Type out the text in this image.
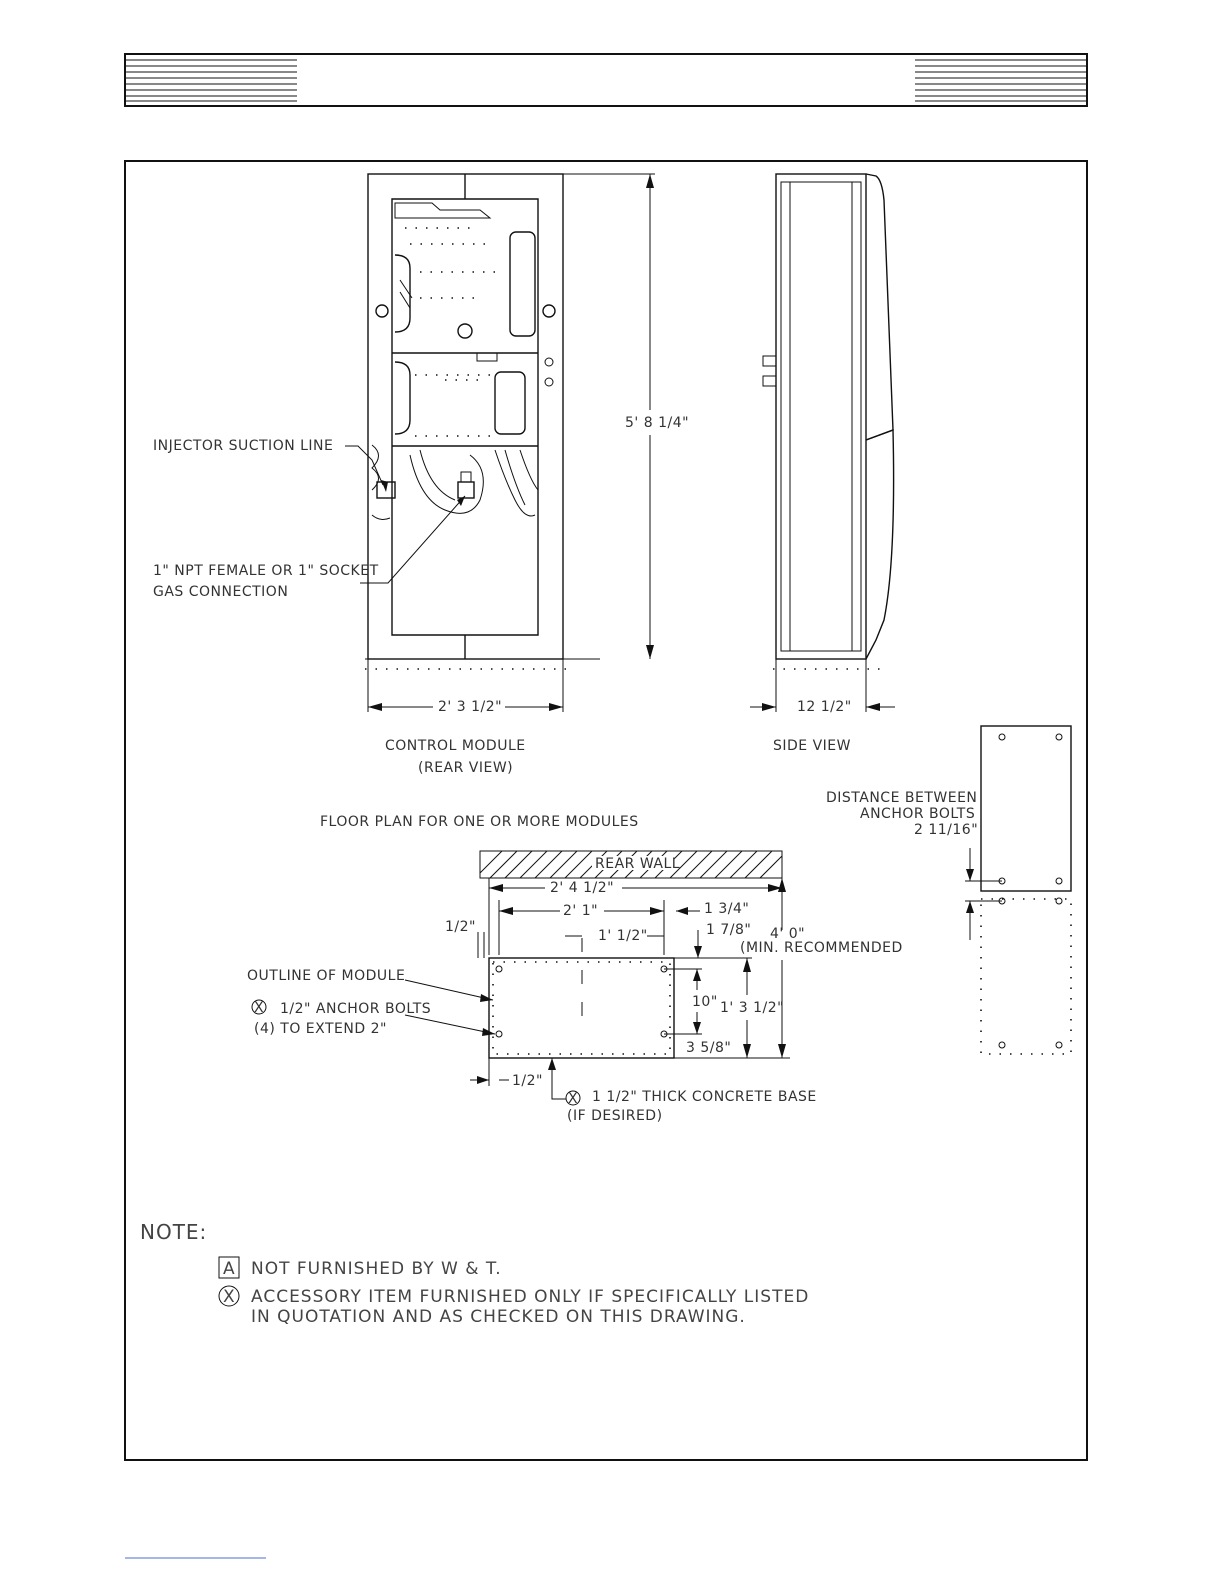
5' 8 1/4"
2' 3 1/2"
INJECTOR SUCTION LINE
1" NPT FEMALE OR 1" SOCKET
GAS CONNECTION
CONTROL MODULE
(REAR VIEW)
12 1/2"
SIDE VIEW
DISTANCE BETWEEN
ANCHOR BOLTS
2 11/16"
FLOOR PLAN FOR ONE OR MORE MODULES
REAR WALL
2' 4 1/2"
2' 1"	1 3/4"
1/2"
1' 1/2"	1 7/8" 4' 0"
(MIN. RECOMMENDED
OUTLINE OF MODULE
X 1/2" ANCHOR BOLTS
(4) TO EXTEND 2"
10" 1' 3 1/2"
3 5/8"
1/2"
X 1 1/2" THICK CONCRETE BASE
(IF DESIRED)
NOTE:
A NOT FURNISHED BY W & T.
X ACCESSORY ITEM FURNISHED ONLY IF SPECIFICALLY LISTED
IN QUOTATION AND AS CHECKED ON THIS DRAWING.
